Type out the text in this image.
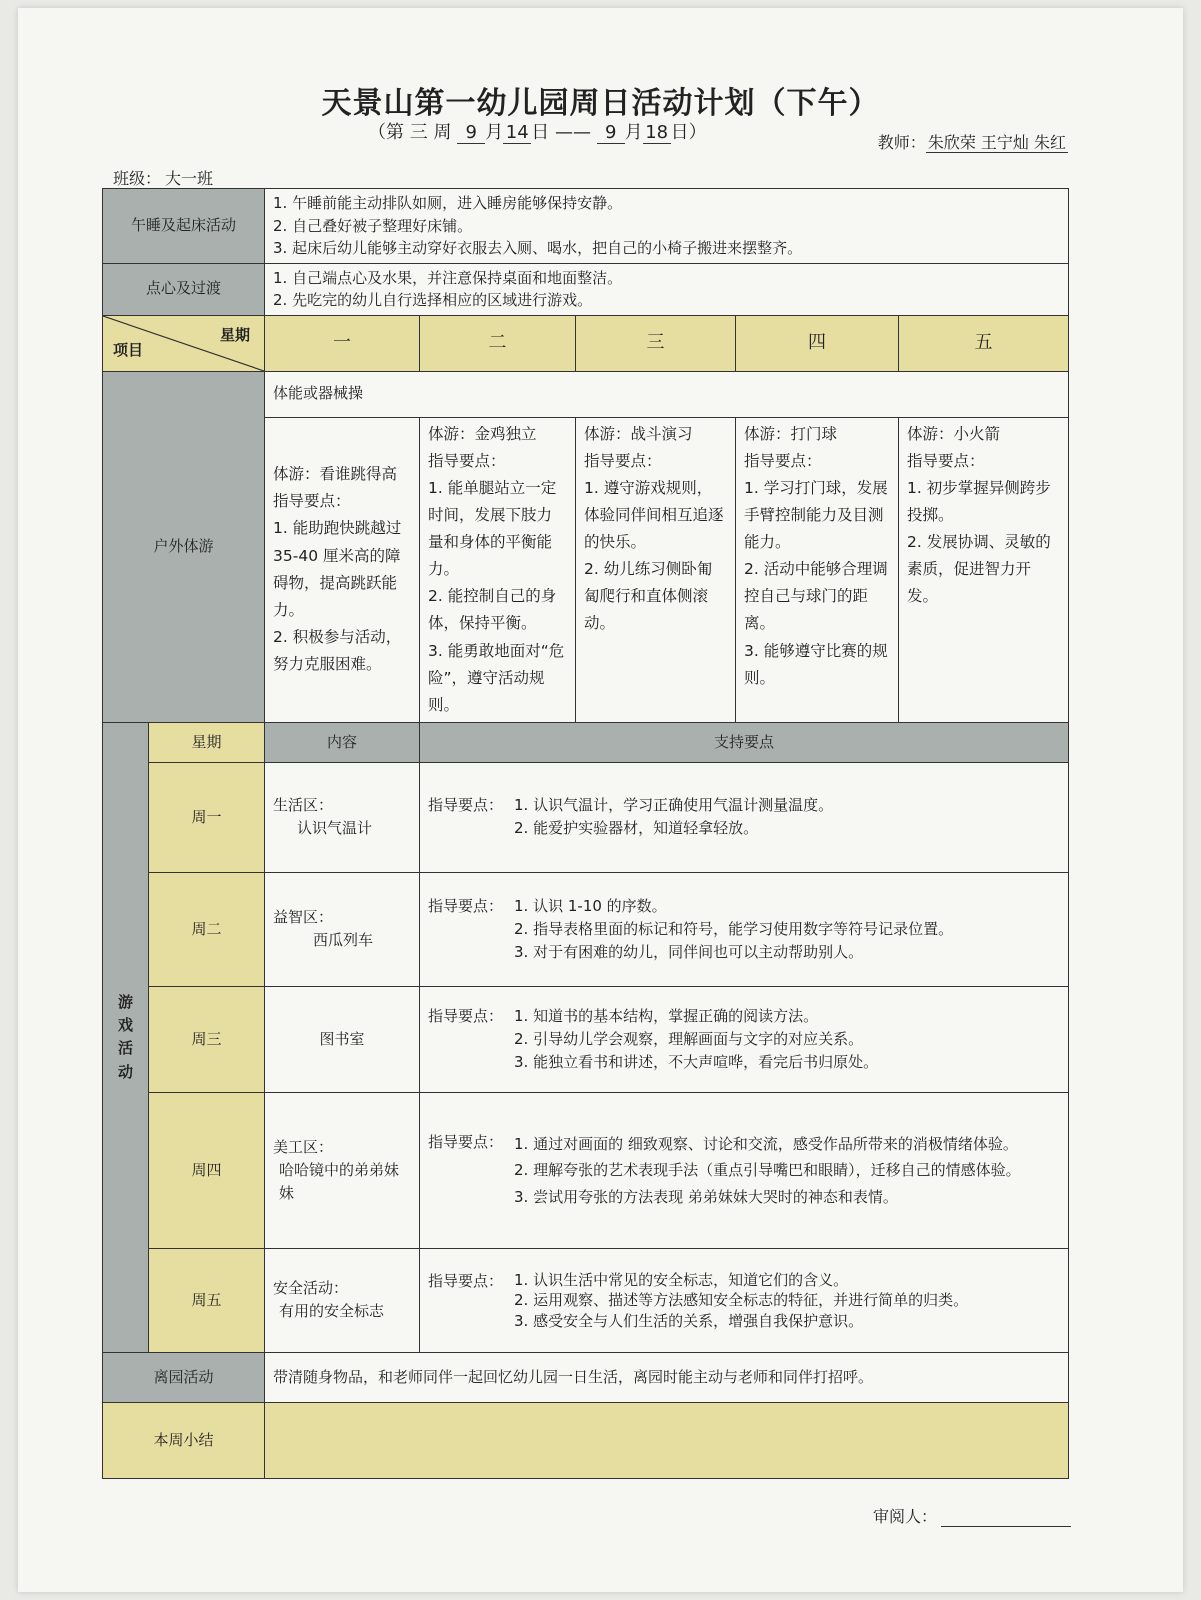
天景山第一幼儿园周日活动计划（下午）
（第 三 周 9 月 14 日 —— 9 月 18 日）	教师： 朱欣荣 王宁灿 朱红
班级： 大一班
午睡及起床活动		1. 午睡前能主动排队如厕，进入睡房能够保持安静。
2. 自己叠好被子整理好床铺。
3. 起床后幼儿能够主动穿好衣服去入厕、喝水，把自己的小椅子搬进来摆整齐。				

点心及过渡		1. 自己端点心及水果，并注意保持桌面和地面整洁。
2. 先吃完的幼儿自行选择相应的区域进行游戏。				

星期
项目		一	二	三	四	五
户外体游		体能或器械操				

		体游：看谁跳得高
指导要点：
1. 能助跑快跳越过 35-40 厘米高的障碍物，提高跳跃能力。
2. 积极参与活动，努力克服困难。	体游：金鸡独立
指导要点：
1. 能单腿站立一定时间，发展下肢力量和身体的平衡能力。
2. 能控制自己的身体，保持平衡。
3. 能勇敢地面对“危险”，遵守活动规则。	体游：战斗演习
指导要点：
1. 遵守游戏规则，体验同伴间相互追逐的快乐。
2. 幼儿练习侧卧匍匐爬行和直体侧滚动。	体游：打门球
指导要点：
1. 学习打门球，发展手臂控制能力及目测能力。
2. 活动中能够合理调控自己与球门的距离。
3. 能够遵守比赛的规则。	体游：小火箭
指导要点：
1. 初步掌握异侧跨步投掷。
2. 发展协调、灵敏的素质，促进智力开发。

游
戏
活
动	星期	内容	支持要点			
	周一	生活区：
认识气温计	指导要点： 1. 认识气温计，学习正确使用气温计测量温度。
2. 能爱护实验器材，知道轻拿轻放。			

	周二	益智区：
西瓜列车	指导要点： 1. 认识 1-10 的序数。
2. 指导表格里面的标记和符号，能学习使用数字等符号记录位置。
3. 对于有困难的幼儿，同伴间也可以主动帮助别人。			

	周三	图书室	指导要点： 1. 知道书的基本结构，掌握正确的阅读方法。
2. 引导幼儿学会观察，理解画面与文字的对应关系。
3. 能独立看书和讲述，不大声喧哗，看完后书归原处。			

	周四	美工区：
哈哈镜中的弟弟妹妹	指导要点： 1. 通过对画面的 细致观察、讨论和交流，感受作品所带来的消极情绪体验。
2. 理解夸张的艺术表现手法（重点引导嘴巴和眼睛），迁移自己的情感体验。
3. 尝试用夸张的方法表现 弟弟妹妹大哭时的神态和表情。			

	周五	安全活动：
有用的安全标志	指导要点： 1. 认识生活中常见的安全标志，知道它们的含义。
2. 运用观察、描述等方法感知安全标志的特征，并进行简单的归类。
3. 感受安全与人们生活的关系，增强自我保护意识。			

离园活动		带清随身物品，和老师同伴一起回忆幼儿园一日生活，离园时能主动与老师和同伴打招呼。				
本周小结						
审阅人：
